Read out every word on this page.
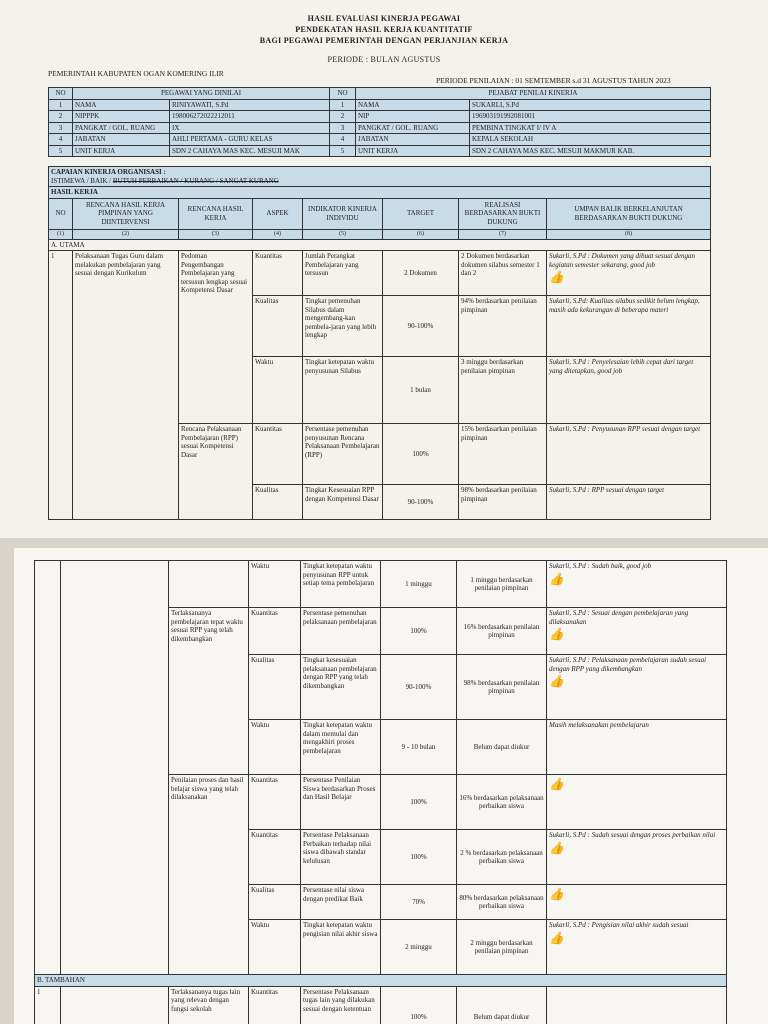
HASIL EVALUASI KINERJA PEGAWAI
PENDEKATAN HASIL KERJA KUANTITATIF
BAGI PEGAWAI PEMERINTAH DENGAN PERJANJIAN KERJA
PERIODE : BULAN AGUSTUS
PEMERINTAH KABUPATEN OGAN KOMERING ILIR
PERIODE PENILAIAN : 01 SEMTEMBER s.d 31 AGUSTUS TAHUN 2023
NO	PEGAWAI YANG DINILAI		NO	PEJABAT PENILAI KINERJA	
1	NAMA	RINIYAWATI, S.Pd	1	NAMA	SUKARLI, S.Pd
2	NIPPPK	198006272022212011	2	NIP	196903191992081001
3	PANGKAT / GOL. RUANG	IX	3	PANGKAT / GOL. RUANG	PEMBINA TINGKAT I/ IV A
4	JABATAN	AHLI PERTAMA - GURU KELAS	4	JABATAN	KEPALA SEKOLAH
5	UNIT KERJA	SDN 2 CAHAYA MAS KEC. MESUJI MAK	5	UNIT KERJA	SDN 2 CAHAYA MAS KEC. MESUJI MAKMUR KAB.
CAPAIAN KINERJA ORGANISASI :
ISTIMEWA / BAIK / BUTUH PERBAIKAN / KURANG / SANGAT KURANG							

HASIL KERJA							
NO	RENCANA HASIL KERJA PIMPINAN YANG DIINTERVENSI	RENCANA HASIL KERJA	ASPEK	INDIKATOR KINERJA INDIVIDU	TARGET	REALISASI BERDASARKAN BUKTI DUKUNG	UMPAN BALIK BERKELANJUTAN BERDASARKAN BUKTI DUKUNG
(1)	(2)	(3)	(4)	(5)	(6)	(7)	(8)
A. UTAMA							
1	Pelaksanaan Tugas Guru dalam melakukan pembelajaran yang sesuai dengan Kurikulum	Pedoman Pengembangan Pembelajaran yang tersusun lengkap sesuai Kompetensi Dasar	Kuantitas	Jumlah Perangkat Pembelajaran yang tersusun	2 Dokumen	2 Dokumen berdasarkan dokumen silabus semester 1 dan 2	Sukarli, S.Pd : Dokumen yang dibuat sesuai dengan kegiatan semester sekarang, good job
👍

			Kualitas	Tingkat pemenuhan Silabus dalam mengembang-kan pembela-jaran yang lebih lengkap	90-100%	94% berdasarkan penilaian pimpinan	Sukarli, S.Pd: Kualitas silabus sedikit belum lengkap, masih ada kekurangan di beberapa materi
			Waktu	Tingkat ketepatan waktu penyusunan Silabus	1 bulan	3 minggu berdasarkan penilaian pimpinan	Sukarli, S.Pd : Penyelesaian lebih cepat dari target yang ditetapkan, good job
		Rencana Pelaksanaan Pembelajaran (RPP) sesuai Kompetensi Dasar	Kuantitas	Persentase pemenuhan penyusunan Rencana Pelaksanaan Pembelajaran (RPP)	100%	15% berdasarkan penilaian pimpinan	Sukarli, S.Pd : Penyusunan RPP sesuai dengan target
			Kualitas	Tingkat Kesesuaian RPP dengan Kompetensi Dasar	90-100%	98% berdasarkan penilaian pimpinan	Sukarli, S.Pd : RPP sesuai dengan target
			Waktu	Tingkat ketepatan waktu penyusunan RPP untuk setiap tema pembelajaran	1 minggu	1 minggu berdasarkan penilaian pimpinan	Sukarli, S.Pd : Sudah baik, good job
👍

		Terlaksananya pembelajaran tepat waktu sesuai RPP yang telah dikembangkan	Kuantitas	Persentase pemenuhan pelaksanaan pembelajaran	100%	16% berdasarkan penilaian pimpinan	Sukarli, S.Pd : Sesuai dengan pembelajaran yang dilaksanakan
👍

			Kualitas	Tingkat kesesuaian pelaksanaan pembelajaran dengan RPP yang telah dikembangkan	90-100%	98% berdasarkan penilaian pimpinan	Sukarli, S.Pd : Pelaksanaan pembelajaran sudah sesuai dengan RPP yang dikembangkan
👍

			Waktu	Tingkat ketepatan waktu dalam memulai dan mengakhiri proses pembelajaran	9 - 10 bulan	Belum dapat diukur	Masih melaksanakan pembelajaran
		Penilaian proses dan hasil belajar siswa yang telah dilaksanakan	Kuantitas	Persentase Penilaian Siswa berdasarkan Proses dan Hasil Belajar	100%	16% berdasarkan pelaksanaan perbaikan siswa	👍

			Kuantitas	Persentase Pelaksanaan Perbaikan terhadap nilai siswa dibawah standar kelulusan	100%	2 % berdasarkan pelaksanaan perbaikan siswa	Sukarli, S.Pd : Sudah sesuai dengan proses perbaikan nilai
👍

			Kualitas	Persentase nilai siswa dengan predikat Baik	70%	80% berdasarkan pelaksanaan perbaikan siswa	👍

			Waktu	Tingkat ketepatan waktu pengisian nilai akhir siswa	2 minggu	2 minggu berdasarkan penilaian pimpinan	Sukarli, S.Pd : Pengisian nilai akhir sudah sesuai
👍

B. TAMBAHAN							
1		Terlaksananya tugas lain yang relevan dengan fungsi sekolah	Kuantitas	Persentase Pelaksanaan tugas lain yang dilakukan sesuai dengan ketentuan	100%	Belum dapat diukur	
